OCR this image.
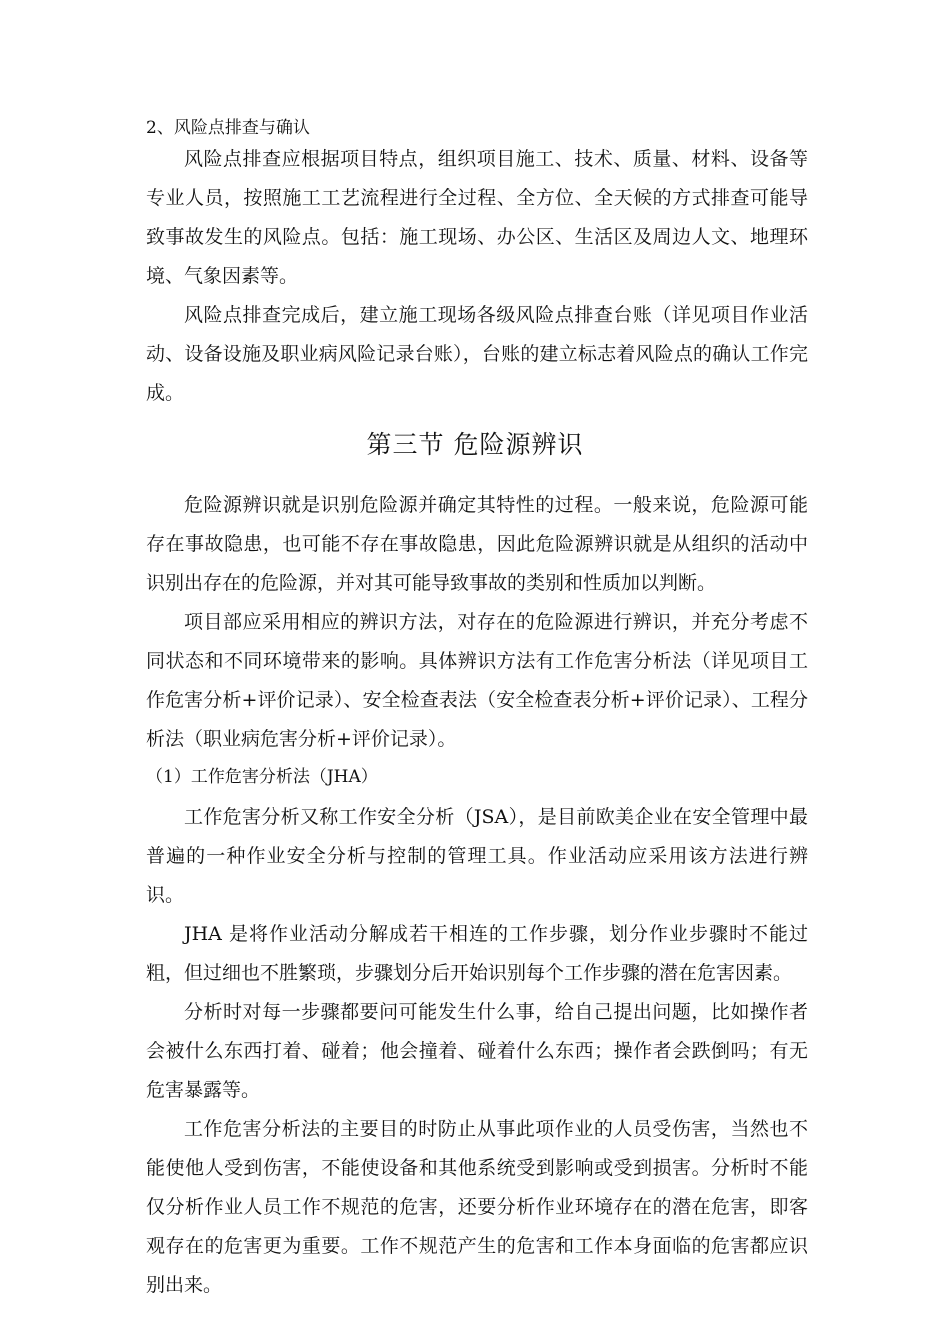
2、风险点排查与确认

风险点排查应根据项目特点，组织项目施工、技术、质量、材料、设备等专业人员，按照施工工艺流程进行全过程、全方位、全天候的方式排查可能导致事故发生的风险点。包括：施工现场、办公区、生活区及周边人文、地理环境、气象因素等。

风险点排查完成后，建立施工现场各级风险点排查台账（详见项目作业活动、设备设施及职业病风险记录台账），台账的建立标志着风险点的确认工作完成。

第三节 危险源辨识

危险源辨识就是识别危险源并确定其特性的过程。一般来说，危险源可能存在事故隐患，也可能不存在事故隐患，因此危险源辨识就是从组织的活动中识别出存在的危险源，并对其可能导致事故的类别和性质加以判断。

项目部应采用相应的辨识方法，对存在的危险源进行辨识，并充分考虑不同状态和不同环境带来的影响。具体辨识方法有工作危害分析法（详见项目工作危害分析+评价记录）、安全检查表法（安全检查表分析+评价记录）、工程分析法（职业病危害分析+评价记录）。

（1）工作危害分析法（JHA）

工作危害分析又称工作安全分析（JSA），是目前欧美企业在安全管理中最普遍的一种作业安全分析与控制的管理工具。作业活动应采用该方法进行辨识。

JHA 是将作业活动分解成若干相连的工作步骤，划分作业步骤时不能过粗，但过细也不胜繁琐，步骤划分后开始识别每个工作步骤的潜在危害因素。

分析时对每一步骤都要问可能发生什么事，给自己提出问题，比如操作者会被什么东西打着、碰着；他会撞着、碰着什么东西；操作者会跌倒吗；有无危害暴露等。

工作危害分析法的主要目的时防止从事此项作业的人员受伤害，当然也不能使他人受到伤害，不能使设备和其他系统受到影响或受到损害。分析时不能仅分析作业人员工作不规范的危害，还要分析作业环境存在的潜在危害，即客观存在的危害更为重要。工作不规范产生的危害和工作本身面临的危害都应识别出来。
